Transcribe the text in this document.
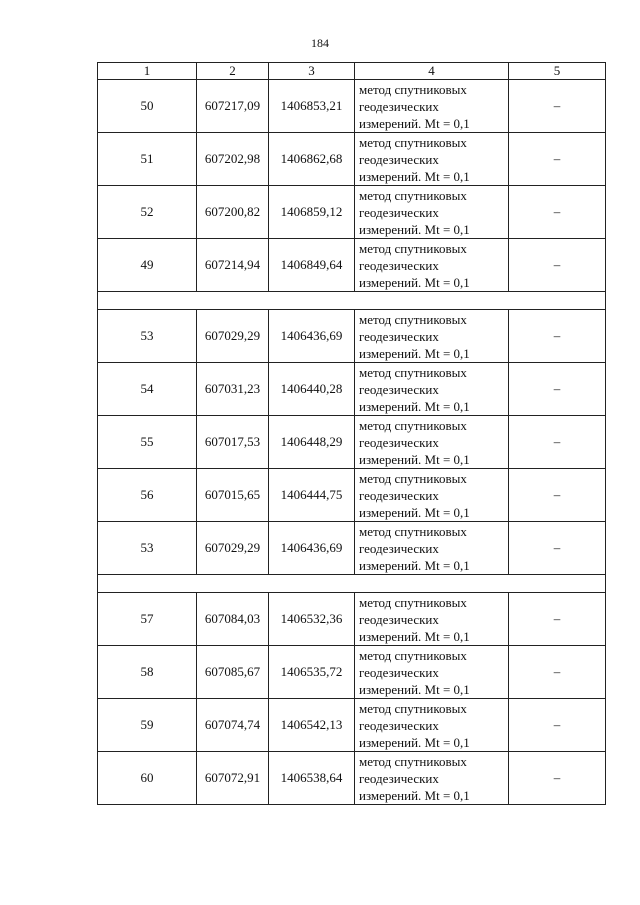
184
1	2	3	4	5
50	607217,09	1406853,21	метод спутниковых
геодезических
измерений. Mt = 0,1	–
51	607202,98	1406862,68	метод спутниковых
геодезических
измерений. Mt = 0,1	–
52	607200,82	1406859,12	метод спутниковых
геодезических
измерений. Mt = 0,1	–
49	607214,94	1406849,64	метод спутниковых
геодезических
измерений. Mt = 0,1	–

53	607029,29	1406436,69	метод спутниковых
геодезических
измерений. Mt = 0,1	–
54	607031,23	1406440,28	метод спутниковых
геодезических
измерений. Mt = 0,1	–
55	607017,53	1406448,29	метод спутниковых
геодезических
измерений. Mt = 0,1	–
56	607015,65	1406444,75	метод спутниковых
геодезических
измерений. Mt = 0,1	–
53	607029,29	1406436,69	метод спутниковых
геодезических
измерений. Mt = 0,1	–

57	607084,03	1406532,36	метод спутниковых
геодезических
измерений. Mt = 0,1	–
58	607085,67	1406535,72	метод спутниковых
геодезических
измерений. Mt = 0,1	–
59	607074,74	1406542,13	метод спутниковых
геодезических
измерений. Mt = 0,1	–
60	607072,91	1406538,64	метод спутниковых
геодезических
измерений. Mt = 0,1	–
